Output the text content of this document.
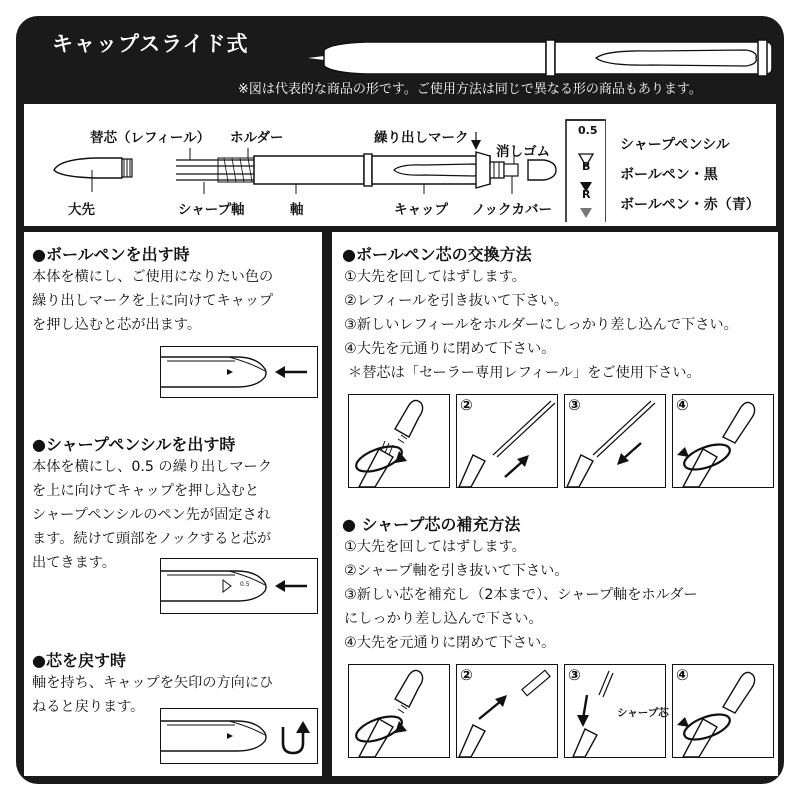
キャップスライド式
※図は代表的な商品の形です。ご使用方法は同じで異なる形の商品もあります。
替芯（レフィール） ホルダー	繰り出しマーク
消しゴム
大先	シャープ軸	軸	キャップ ノックカバー
0.5
B
R
シャープペンシル
ボールペン・黒
ボールペン・赤（青）
●ボールペンを出す時
本体を横にし、ご使用になりたい色の
繰り出しマークを上に向けてキャップ
を押し込むと芯が出ます。
●シャープペンシルを出す時
本体を横にし、0.5 の繰り出しマーク
を上に向けてキャップを押し込むと
シャープペンシルのペン先が固定され
ます。続けて頭部をノックすると芯が
出てきます。
0.5
●芯を戻す時
軸を持ち、キャップを矢印の方向にひ
ねると戻ります。
●ボールペン芯の交換方法
①大先を回してはずします。
②レフィールを引き抜いて下さい。
③新しいレフィールをホルダーにしっかり差し込んで下さい。
④大先を元通りに閉めて下さい。
＊替芯は「セーラー専用レフィール」をご使用下さい。
②	③	④
● シャープ芯の補充方法
①大先を回してはずします。
②シャープ軸を引き抜いて下さい。
③新しい芯を補充し（2本まで）、シャープ軸をホルダー
にしっかり差し込んで下さい。
④大先を元通りに閉めて下さい。
②	③
シャープ芯
④
